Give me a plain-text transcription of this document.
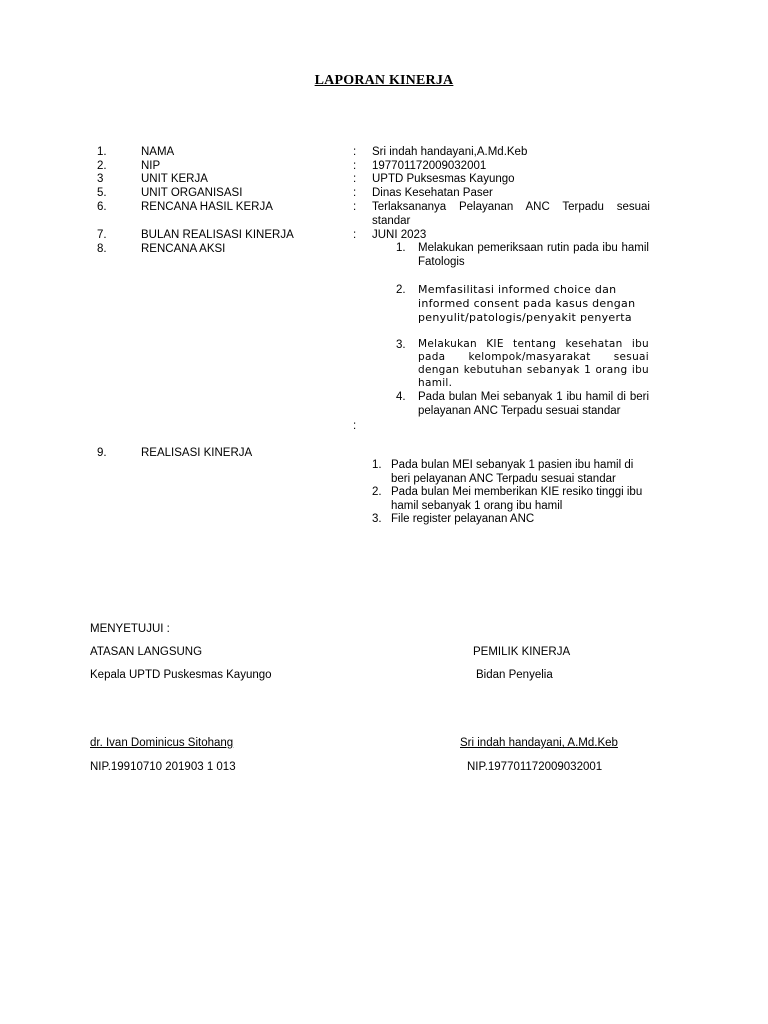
LAPORAN KINERJA
1.	NAMA	: Sri indah handayani,A.Md.Keb
2.	NIP	: 197701172009032001
3	UNIT KERJA	: UPTD Puksesmas Kayungo
5.	UNIT ORGANISASI	: Dinas Kesehatan Paser
6.	RENCANA HASIL KERJA	: Terlaksananya Pelayanan ANC Terpadu sesuai standar
7.	BULAN REALISASI KINERJA	: JUNI 2023
8.	RENCANA AKSI
:
1. Melakukan pemeriksaan rutin pada ibu hamil Fatologis
2. Memfasilitasi informed choice dan informed consent pada kasus dengan penyulit/patologis/penyakit penyerta
3. Melakukan KIE tentang kesehatan ibu pada kelompok/masyarakat sesuai dengan kebutuhan sebanyak 1 orang ibu hamil.
4. Pada bulan Mei sebanyak 1 ibu hamil di beri pelayanan ANC Terpadu sesuai standar
9.	REALISASI KINERJA
1. Pada bulan MEI sebanyak 1 pasien ibu hamil di beri pelayanan ANC Terpadu sesuai standar
2. Pada bulan Mei memberikan KIE resiko tinggi ibu hamil sebanyak 1 orang ibu hamil
3. File register pelayanan ANC
MENYETUJUI :
ATASAN LANGSUNG	PEMILIK KINERJA
Kepala UPTD Puskesmas Kayungo	Bidan Penyelia
dr. Ivan Dominicus Sitohang	Sri indah handayani, A.Md.Keb
NIP.19910710 201903 1 013	NIP.197701172009032001
